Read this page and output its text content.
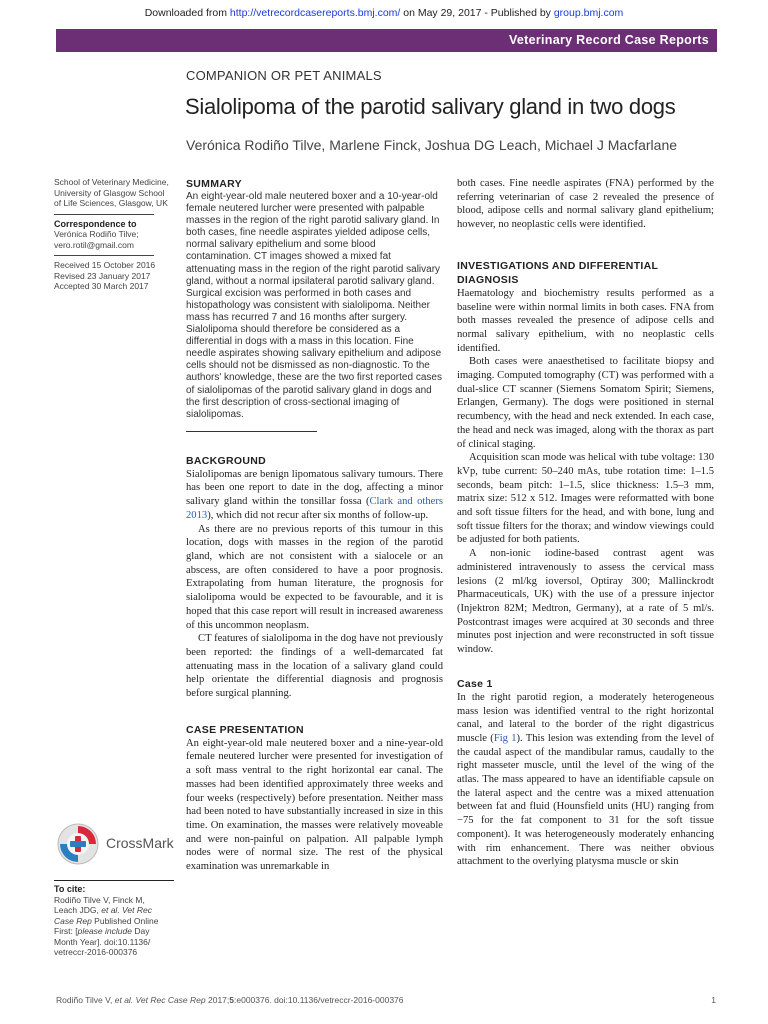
Downloaded from http://vetrecordcasereports.bmj.com/ on May 29, 2017 - Published by group.bmj.com
Veterinary Record Case Reports
COMPANION OR PET ANIMALS
Sialolipoma of the parotid salivary gland in two dogs
Verónica Rodiño Tilve, Marlene Finck, Joshua DG Leach, Michael J Macfarlane
School of Veterinary Medicine, University of Glasgow School of Life Sciences, Glasgow, UK
Correspondence to
Verónica Rodiño Tilve;
vero.rotil@gmail.com
Received 15 October 2016
Revised 23 January 2017
Accepted 30 March 2017
CrossMark
To cite:
Rodiño Tilve V, Finck M,
Leach JDG, et al. Vet Rec
Case Rep Published Online
First: [please include Day
Month Year]. doi:10.1136/
vetreccr-2016-000376
SUMMARY
An eight-year-old male neutered boxer and a 10-year-old female neutered lurcher were presented with palpable masses in the region of the right parotid salivary gland. In both cases, fine needle aspirates yielded adipose cells, normal salivary epithelium and some blood contamination. CT images showed a mixed fat attenuating mass in the region of the right parotid salivary gland, without a normal ipsilateral parotid salivary gland. Surgical excision was performed in both cases and histopathology was consistent with sialolipoma. Neither mass has recurred 7 and 16 months after surgery. Sialolipoma should therefore be considered as a differential in dogs with a mass in this location. Fine needle aspirates showing salivary epithelium and adipose cells should not be dismissed as non-diagnostic. To the authors' knowledge, these are the two first reported cases of sialolipomas of the parotid salivary gland in dogs and the first description of cross-sectional imaging of sialolipomas.
BACKGROUND

Sialolipomas are benign lipomatous salivary tumours. There has been one report to date in the dog, affecting a minor salivary gland within the tonsillar fossa (Clark and others 2013), which did not recur after six months of follow-up.

As there are no previous reports of this tumour in this location, dogs with masses in the region of the parotid gland, which are not consistent with a sialocele or an abscess, are often considered to have a poor prognosis. Extrapolating from human literature, the prognosis for sialolipoma would be expected to be favourable, and it is hoped that this case report will result in increased awareness of this uncommon neoplasm.

CT features of sialolipoma in the dog have not previously been reported: the findings of a well-demarcated fat attenuating mass in the location of a salivary gland could help orientate the differential diagnosis and prognosis before surgical planning.

CASE PRESENTATION

An eight-year-old male neutered boxer and a nine-year-old female neutered lurcher were presented for investigation of a soft mass ventral to the right horizontal ear canal. The masses had been identified approximately three weeks and four weeks (respectively) before presentation. Neither mass had been noted to have substantially increased in size in this time. On examination, the masses were relatively moveable and were non-painful on palpation. All palpable lymph nodes were of normal size. The rest of the physical examination was unremarkable in

both cases. Fine needle aspirates (FNA) performed by the referring veterinarian of case 2 revealed the presence of blood, adipose cells and normal salivary gland epithelium; however, no neoplastic cells were identified.

INVESTIGATIONS AND DIFFERENTIAL
DIAGNOSIS

Haematology and biochemistry results performed as a baseline were within normal limits in both cases. FNA from both masses revealed the presence of adipose cells and normal salivary epithelium, with no neoplastic cells identified.

Both cases were anaesthetised to facilitate biopsy and imaging. Computed tomography (CT) was performed with a dual-slice CT scanner (Siemens Somatom Spirit; Siemens, Erlangen, Germany). The dogs were positioned in sternal recumbency, with the head and neck extended. In each case, the head and neck was imaged, along with the thorax as part of clinical staging.

Acquisition scan mode was helical with tube voltage: 130 kVp, tube current: 50–240 mAs, tube rotation time: 1–1.5 seconds, beam pitch: 1–1.5, slice thickness: 1.5–3 mm, matrix size: 512 x 512. Images were reformatted with bone and soft tissue filters for the head, and with bone, lung and soft tissue filters for the thorax; and window viewings could be adjusted for both patients.

A non-ionic iodine-based contrast agent was administered intravenously to assess the cervical mass lesions (2 ml/kg ioversol, Optiray 300; Mallinckrodt Pharmaceuticals, UK) with the use of a pressure injector (Injektron 82M; Medtron, Germany), at a rate of 5 ml/s. Postcontrast images were acquired at 30 seconds and three minutes post injection and were reconstructed in soft tissue window.

Case 1

In the right parotid region, a moderately heterogeneous mass lesion was identified ventral to the right horizontal canal, and lateral to the border of the right digastricus muscle (Fig 1). This lesion was extending from the level of the caudal aspect of the mandibular ramus, caudally to the right masseter muscle, until the level of the wing of the atlas. The mass appeared to have an identifiable capsule on the lateral aspect and the centre was a mixed attenuation between fat and fluid (Hounsfield units (HU) ranging from −75 for the fat component to 31 for the soft tissue component). It was heterogeneously moderately enhancing with rim enhancement. There was neither obvious attachment to the overlying platysma muscle or skin

Rodiño Tilve V, et al. Vet Rec Case Rep 2017;5:e000376. doi:10.1136/vetreccr-2016-000376	1
